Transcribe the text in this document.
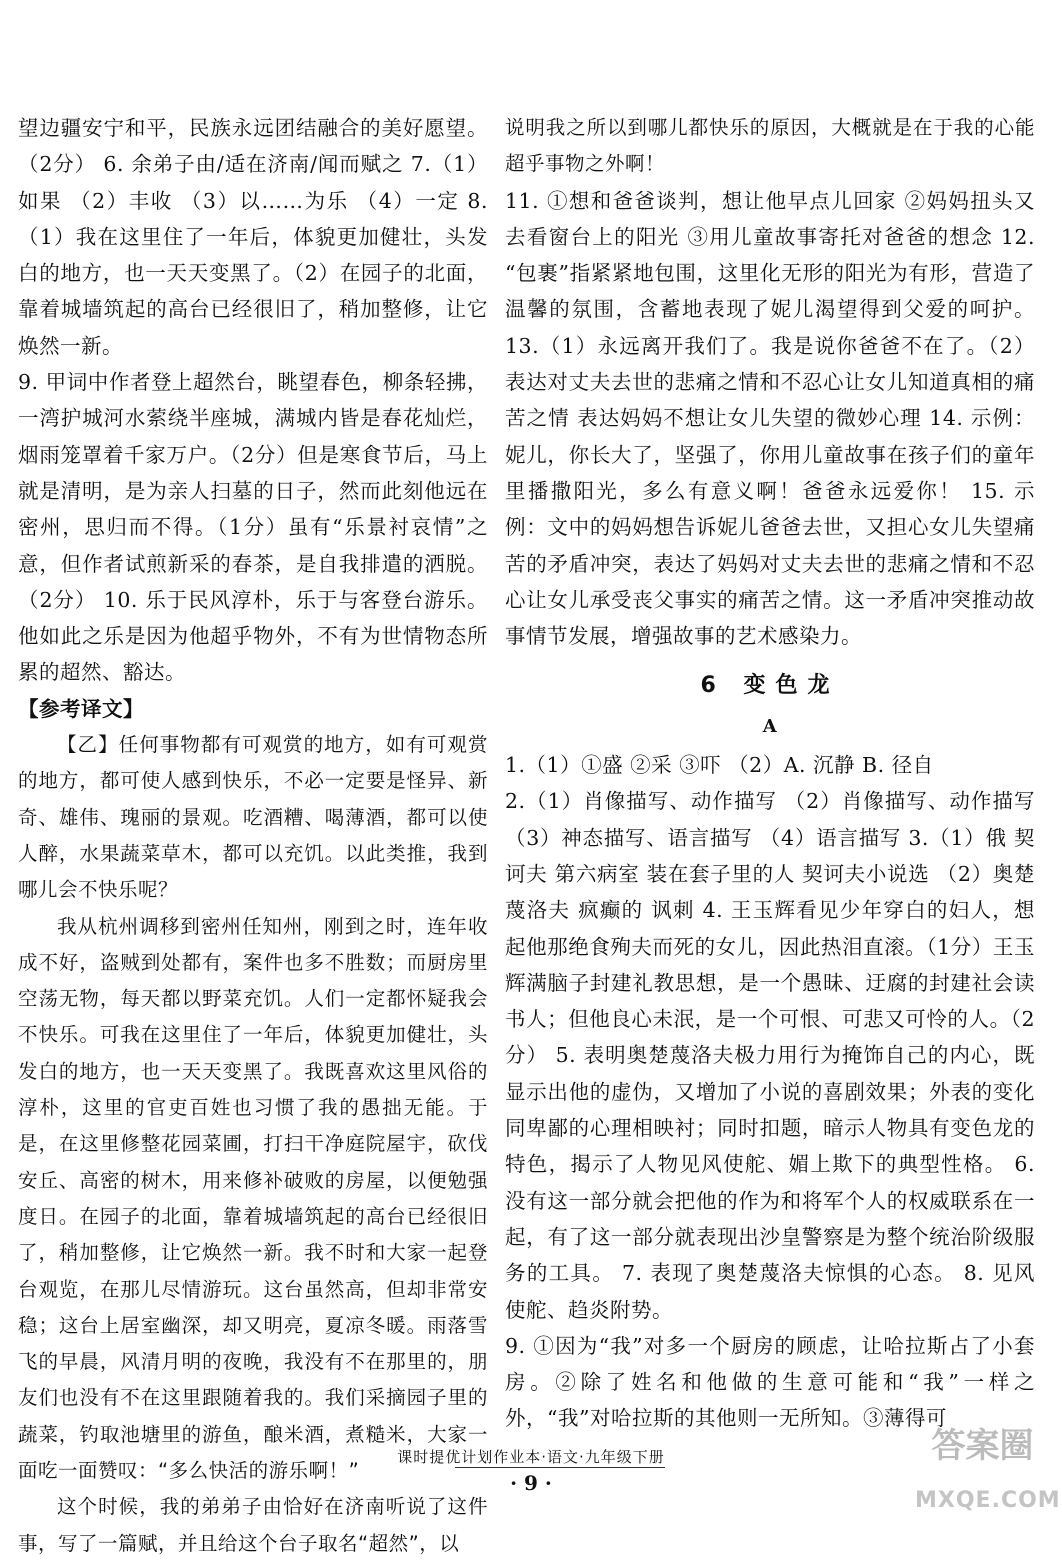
望边疆安宁和平，民族永远团结融合的美好愿望。（2分） 6. 余弟子由/适在济南/闻而赋之 7.（1）如果 （2）丰收 （3）以……为乐 （4）一定 8.（1）我在这里住了一年后，体貌更加健壮，头发白的地方，也一天天变黑了。（2）在园子的北面，靠着城墙筑起的高台已经很旧了，稍加整修，让它焕然一新。

9. 甲词中作者登上超然台，眺望春色，柳条轻拂，一湾护城河水萦绕半座城，满城内皆是春花灿烂，烟雨笼罩着千家万户。（2分）但是寒食节后，马上就是清明，是为亲人扫墓的日子，然而此刻他远在密州，思归而不得。（1分）虽有“乐景衬哀情”之意，但作者试煎新采的春茶，是自我排遣的洒脱。（2分） 10. 乐于民风淳朴，乐于与客登台游乐。他如此之乐是因为他超乎物外，不有为世情物态所累的超然、豁达。

【参考译文】

【乙】任何事物都有可观赏的地方，如有可观赏的地方，都可使人感到快乐，不必一定要是怪异、新奇、雄伟、瑰丽的景观。吃酒糟、喝薄酒，都可以使人醉，水果蔬菜草木，都可以充饥。以此类推，我到哪儿会不快乐呢？

我从杭州调移到密州任知州，刚到之时，连年收成不好，盗贼到处都有，案件也多不胜数；而厨房里空荡无物，每天都以野菜充饥。人们一定都怀疑我会不快乐。可我在这里住了一年后，体貌更加健壮，头发白的地方，也一天天变黑了。我既喜欢这里风俗的淳朴，这里的官吏百姓也习惯了我的愚拙无能。于是，在这里修整花园菜圃，打扫干净庭院屋宇，砍伐安丘、高密的树木，用来修补破败的房屋，以便勉强度日。在园子的北面，靠着城墙筑起的高台已经很旧了，稍加整修，让它焕然一新。我不时和大家一起登台观览，在那儿尽情游玩。这台虽然高，但却非常安稳；这台上居室幽深，却又明亮，夏凉冬暖。雨落雪飞的早晨，风清月明的夜晚，我没有不在那里的，朋友们也没有不在这里跟随着我的。我们采摘园子里的蔬菜，钓取池塘里的游鱼，酿米酒，煮糙米，大家一面吃一面赞叹：“多么快活的游乐啊！”

这个时候，我的弟弟子由恰好在济南听说了这件事，写了一篇赋，并且给这个台子取名“超然”，以

说明我之所以到哪儿都快乐的原因，大概就是在于我的心能超乎事物之外啊！

11. ①想和爸爸谈判，想让他早点儿回家 ②妈妈扭头又去看窗台上的阳光 ③用儿童故事寄托对爸爸的想念 12. “包裹”指紧紧地包围，这里化无形的阳光为有形，营造了温馨的氛围，含蓄地表现了妮儿渴望得到父爱的呵护。 13.（1）永远离开我们了。我是说你爸爸不在了。（2）表达对丈夫去世的悲痛之情和不忍心让女儿知道真相的痛苦之情 表达妈妈不想让女儿失望的微妙心理 14. 示例：妮儿，你长大了，坚强了，你用儿童故事在孩子们的童年里播撒阳光，多么有意义啊！爸爸永远爱你！ 15. 示例：文中的妈妈想告诉妮儿爸爸去世，又担心女儿失望痛苦的矛盾冲突，表达了妈妈对丈夫去世的悲痛之情和不忍心让女儿承受丧父事实的痛苦之情。这一矛盾冲突推动故事情节发展，增强故事的艺术感染力。

6 变色龙
A

1.（1）①盛 ②采 ③吓 （2）A. 沉静 B. 径自

2.（1）肖像描写、动作描写 （2）肖像描写、动作描写 （3）神态描写、语言描写 （4）语言描写 3.（1）俄 契诃夫 第六病室 装在套子里的人 契诃夫小说选 （2）奥楚蔑洛夫 疯癫的 讽刺 4. 王玉辉看见少年穿白的妇人，想起他那绝食殉夫而死的女儿，因此热泪直滚。（1分）王玉辉满脑子封建礼教思想，是一个愚昧、迂腐的封建社会读书人；但他良心未泯，是一个可恨、可悲又可怜的人。（2分） 5. 表明奥楚蔑洛夫极力用行为掩饰自己的内心，既显示出他的虚伪，又增加了小说的喜剧效果；外表的变化同卑鄙的心理相映衬；同时扣题，暗示人物具有变色龙的特色，揭示了人物见风使舵、媚上欺下的典型性格。 6. 没有这一部分就会把他的作为和将军个人的权威联系在一起，有了这一部分就表现出沙皇警察是为整个统治阶级服务的工具。 7. 表现了奥楚蔑洛夫惊惧的心态。 8. 见风使舵、趋炎附势。

9. ①因为“我”对多一个厨房的顾虑，让哈拉斯占了小套房。②除了姓名和他做的生意可能和“我”一样之外，“我”对哈拉斯的其他则一无所知。③薄得可

课时提优计划作业本·语文·九年级下册
· 9 ·
答案圈
MXQE.COM
